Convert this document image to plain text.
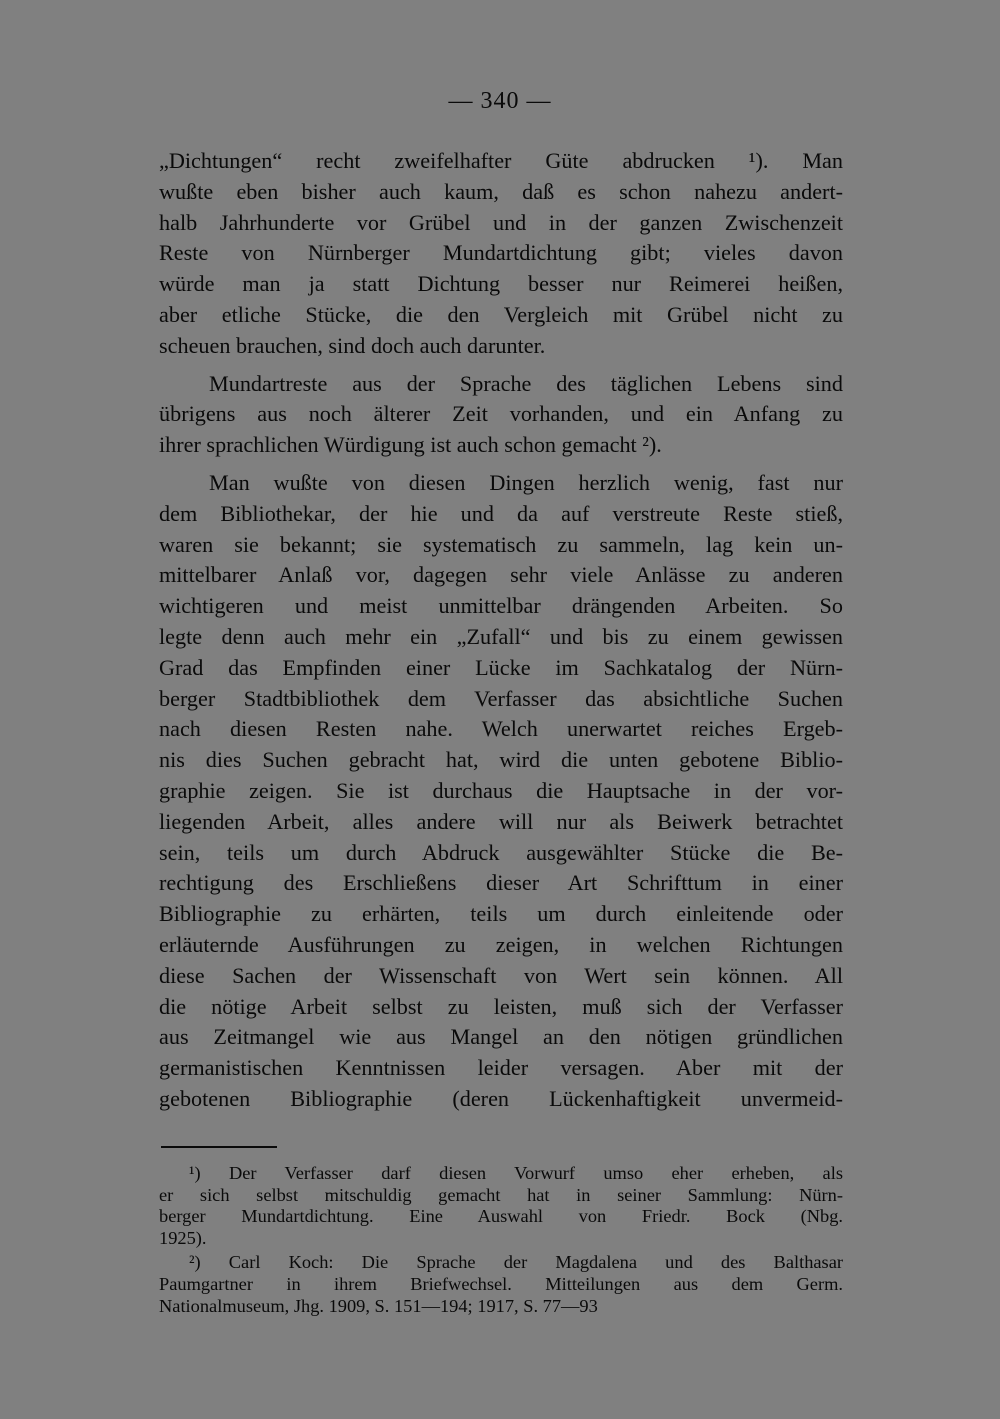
— 340 —
„Dichtungen“ recht zweifelhafter Güte abdrucken ¹). Man
wußte eben bisher auch kaum, daß es schon nahezu andert-
halb Jahrhunderte vor Grübel und in der ganzen Zwischenzeit
Reste von Nürnberger Mundartdichtung gibt; vieles davon
würde man ja statt Dichtung besser nur Reimerei heißen,
aber etliche Stücke, die den Vergleich mit Grübel nicht zu
scheuen brauchen, sind doch auch darunter.
Mundartreste aus der Sprache des täglichen Lebens sind
übrigens aus noch älterer Zeit vorhanden, und ein Anfang zu
ihrer sprachlichen Würdigung ist auch schon gemacht ²).
Man wußte von diesen Dingen herzlich wenig, fast nur
dem Bibliothekar, der hie und da auf verstreute Reste stieß,
waren sie bekannt; sie systematisch zu sammeln, lag kein un-
mittelbarer Anlaß vor, dagegen sehr viele Anlässe zu anderen
wichtigeren und meist unmittelbar drängenden Arbeiten. So
legte denn auch mehr ein „Zufall“ und bis zu einem gewissen
Grad das Empfinden einer Lücke im Sachkatalog der Nürn-
berger Stadtbibliothek dem Verfasser das absichtliche Suchen
nach diesen Resten nahe. Welch unerwartet reiches Ergeb-
nis dies Suchen gebracht hat, wird die unten gebotene Biblio-
graphie zeigen. Sie ist durchaus die Hauptsache in der vor-
liegenden Arbeit, alles andere will nur als Beiwerk betrachtet
sein, teils um durch Abdruck ausgewählter Stücke die Be-
rechtigung des Erschließens dieser Art Schrifttum in einer
Bibliographie zu erhärten, teils um durch einleitende oder
erläuternde Ausführungen zu zeigen, in welchen Richtungen
diese Sachen der Wissenschaft von Wert sein können. All
die nötige Arbeit selbst zu leisten, muß sich der Verfasser
aus Zeitmangel wie aus Mangel an den nötigen gründlichen
germanistischen Kenntnissen leider versagen. Aber mit der
gebotenen Bibliographie (deren Lückenhaftigkeit unvermeid-
¹) Der Verfasser darf diesen Vorwurf umso eher erheben, als
er sich selbst mitschuldig gemacht hat in seiner Sammlung: Nürn-
berger Mundartdichtung. Eine Auswahl von Friedr. Bock (Nbg.
1925).
²) Carl Koch: Die Sprache der Magdalena und des Balthasar
Paumgartner in ihrem Briefwechsel. Mitteilungen aus dem Germ.
Nationalmuseum, Jhg. 1909, S. 151—194; 1917, S. 77—93
